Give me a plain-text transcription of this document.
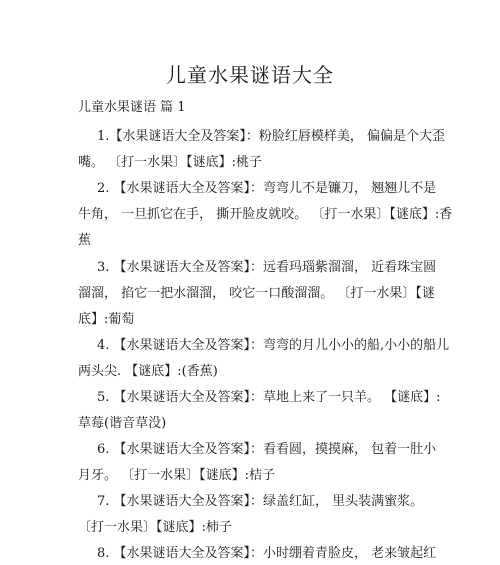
儿童水果谜语大全
儿童水果谜语 篇 1
1.【水果谜语大全及答案】：粉脸红唇模样美， 偏偏是个大歪
嘴。 〔打一水果〕【谜底】:桃子
2. 【水果谜语大全及答案】：弯弯儿不是镰刀， 翘翘儿不是
牛角， 一旦抓它在手， 撕开脸皮就咬。 〔打一水果〕【谜底】:香
蕉
3. 【水果谜语大全及答案】：远看玛瑙紫溜溜， 近看珠宝圆
溜溜， 掐它一把水溜溜， 咬它一口酸溜溜。 〔打一水果〕【谜
底】:葡萄
4. 【水果谜语大全及答案】：弯弯的月儿小小的船,小小的船儿
两头尖. 【谜底】:(香蕉)
5. 【水果谜语大全及答案】：草地上来了一只羊。 【谜底】:
草莓(谐音草没)
6. 【水果谜语大全及答案】：看看圆，摸摸麻， 包着一肚小
月牙。 〔打一水果〕【谜底】:桔子
7. 【水果谜语大全及答案】：绿盖红缸， 里头装满蜜浆。
〔打一水果〕【谜底】:柿子
8. 【水果谜语大全及答案】：小时绷着青脸皮， 老来皱起红
